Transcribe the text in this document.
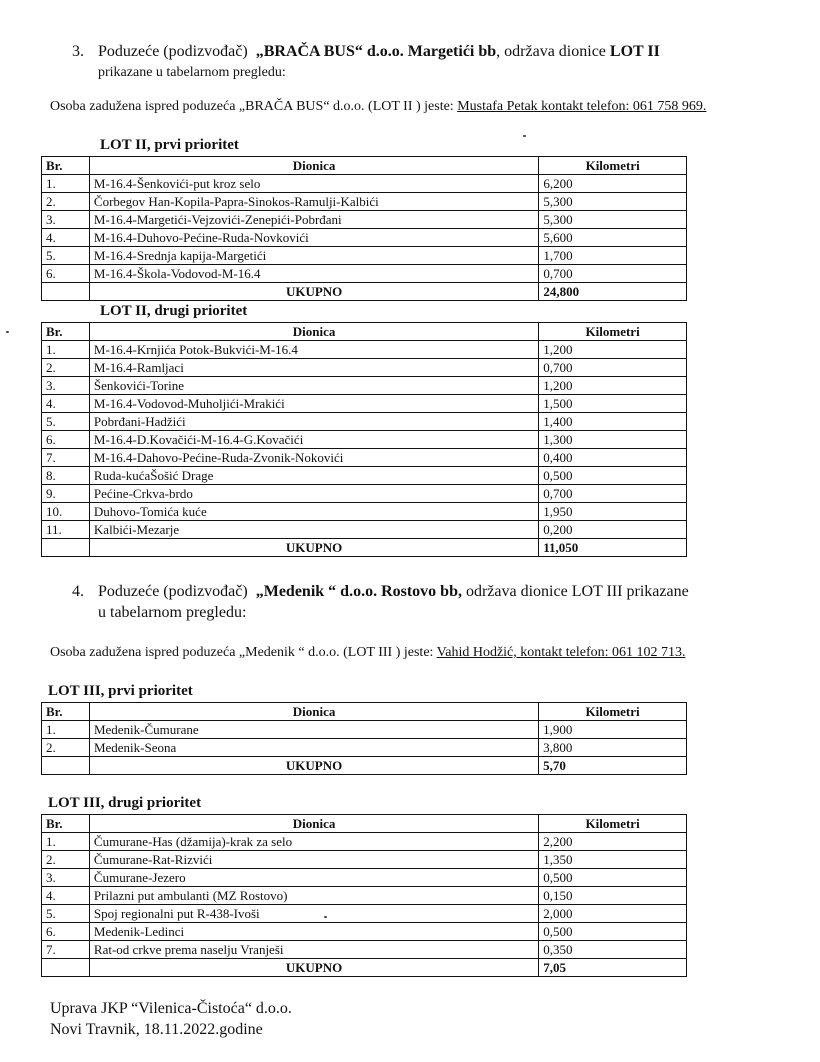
3. Poduzeće (podizvođač) „BRAČA BUS“ d.o.o. Margetići bb, održava dionice LOT II
prikazane u tabelarnom pregledu:
Osoba zadužena ispred poduzeća „BRAČA BUS“ d.o.o. (LOT II ) jeste: Mustafa Petak kontakt telefon: 061 758 969.
LOT II, prvi prioritet
Br.	Dionica	Kilometri
1.	M-16.4-Šenkovići-put kroz selo	6,200
2.	Čorbegov Han-Kopila-Papra-Sinokos-Ramulji-Kalbići	5,300
3.	M-16.4-Margetići-Vejzovići-Zenepići-Pobrđani	5,300
4.	M-16.4-Duhovo-Pećine-Ruda-Novkovići	5,600
5.	M-16.4-Srednja kapija-Margetići	1,700
6.	M-16.4-Škola-Vodovod-M-16.4	0,700
	UKUPNO	24,800
LOT II, drugi prioritet
Br.	Dionica	Kilometri
1.	M-16.4-Krnjića Potok-Bukvići-M-16.4	1,200
2.	M-16.4-Ramljaci	0,700
3.	Šenkovići-Torine	1,200
4.	M-16.4-Vodovod-Muholjići-Mrakići	1,500
5.	Pobrđani-Hadžići	1,400
6.	M-16.4-D.Kovačići-M-16.4-G.Kovačići	1,300
7.	M-16.4-Dahovo-Pećine-Ruda-Zvonik-Nokovići	0,400
8.	Ruda-kućaŠošić Drage	0,500
9.	Pećine-Crkva-brdo	0,700
10.	Duhovo-Tomića kuće	1,950
11.	Kalbići-Mezarje	0,200
	UKUPNO	11,050
4. Poduzeće (podizvođač) „Medenik “ d.o.o. Rostovo bb, održava dionice LOT III prikazane
u tabelarnom pregledu:
Osoba zadužena ispred poduzeća „Medenik “ d.o.o. (LOT III ) jeste: Vahid Hodžić, kontakt telefon: 061 102 713.
LOT III, prvi prioritet
Br.	Dionica	Kilometri
1.	Medenik-Čumurane	1,900
2.	Medenik-Seona	3,800
	UKUPNO	5,70
LOT III, drugi prioritet
Br.	Dionica	Kilometri
1.	Čumurane-Has (džamija)-krak za selo	2,200
2.	Čumurane-Rat-Rizvići	1,350
3.	Čumurane-Jezero	0,500
4.	Prilazni put ambulanti (MZ Rostovo)	0,150
5.	Spoj regionalni put R-438-Ivoši	2,000
6.	Medenik-Ledinci	0,500
7.	Rat-od crkve prema naselju Vranješi	0,350
	UKUPNO	7,05
Uprava JKP “Vilenica-Čistoća“ d.o.o.
Novi Travnik, 18.11.2022.godine
